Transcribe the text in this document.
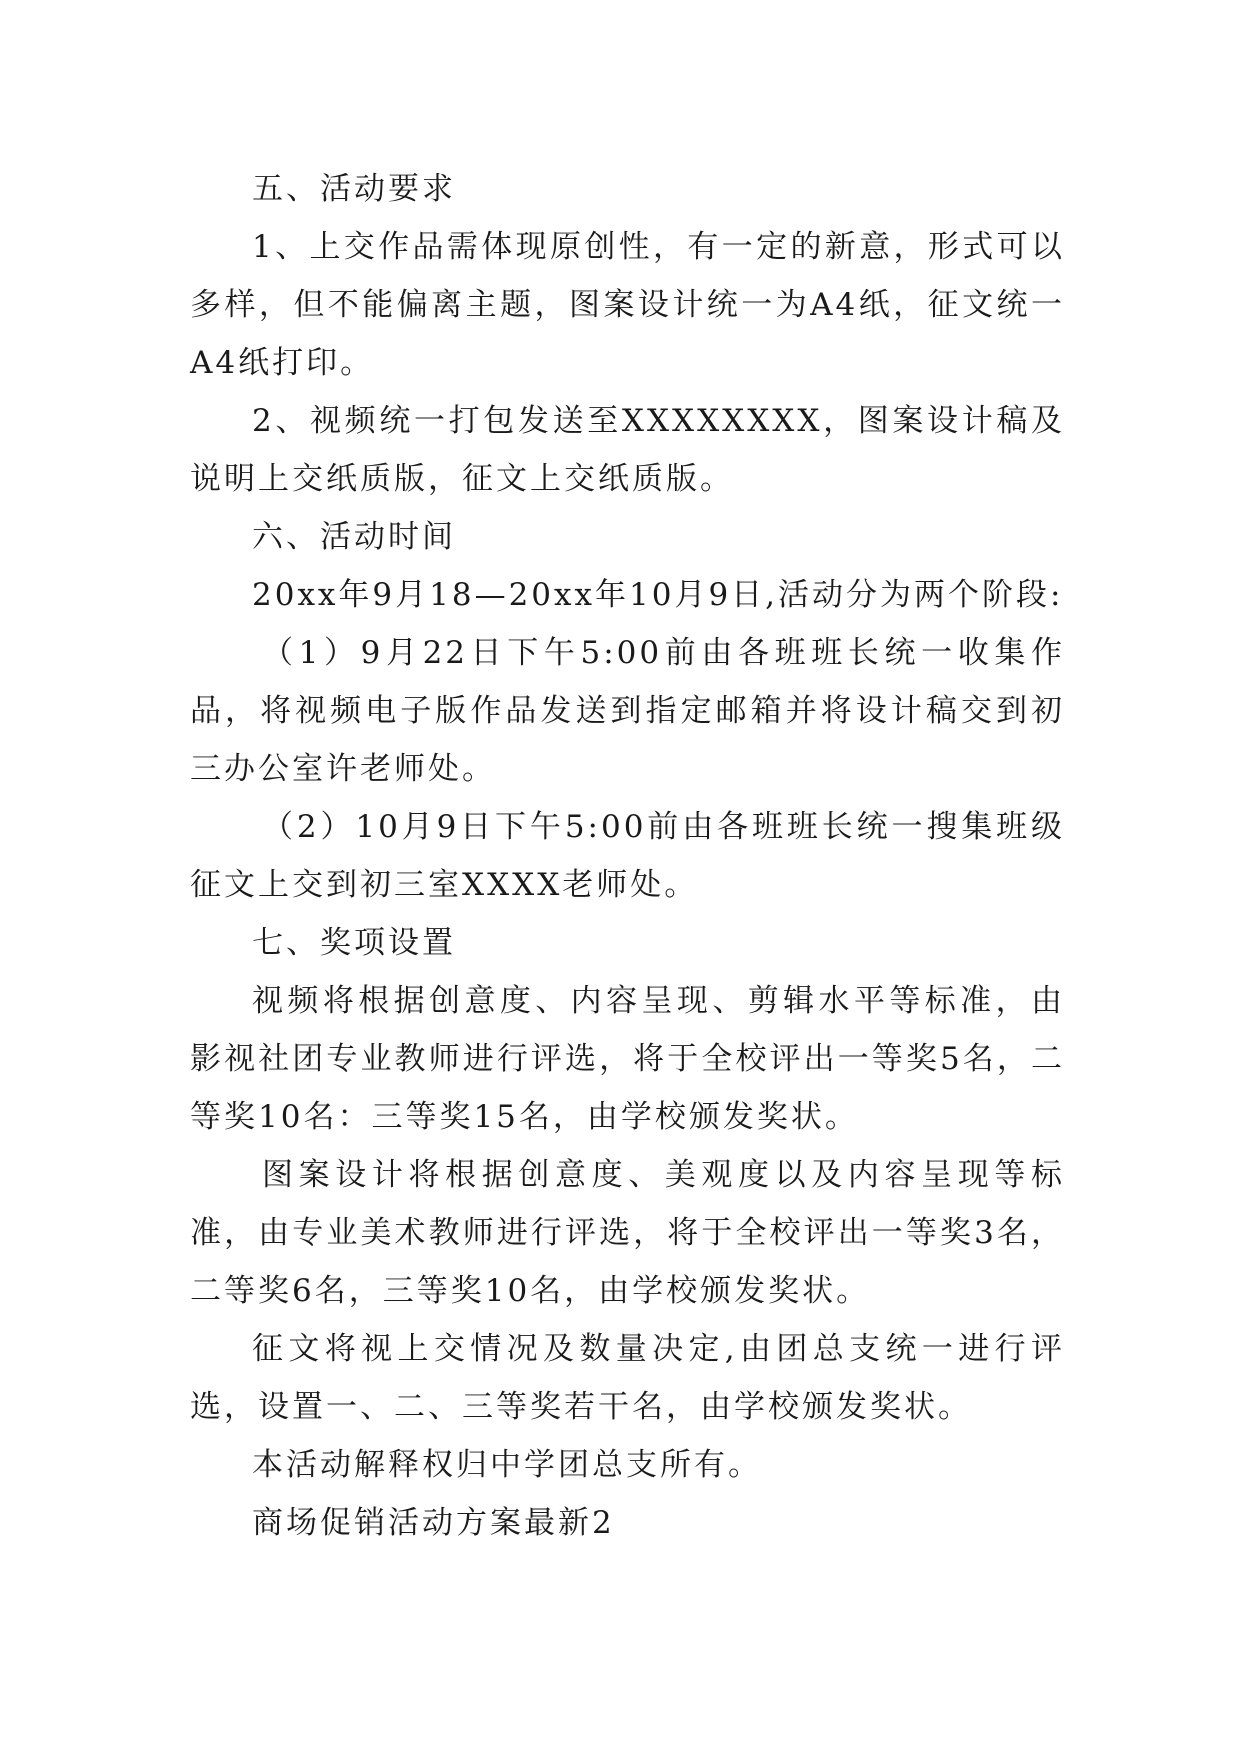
五、活动要求

1、上交作品需体现原创性，有一定的新意，形式可以多样，但不能偏离主题，图案设计统一为A4纸，征文统一A4纸打印。

2、视频统一打包发送至XXXXXXXX，图案设计稿及说明上交纸质版，征文上交纸质版。

六、活动时间

20xx年9月18—20xx年10月9日,活动分为两个阶段:

（1）9月22日下午5:00前由各班班长统一收集作品，将视频电子版作品发送到指定邮箱并将设计稿交到初三办公室许老师处。

（2）10月9日下午5:00前由各班班长统一搜集班级征文上交到初三室XXXX老师处。

七、奖项设置

视频将根据创意度、内容呈现、剪辑水平等标准，由影视社团专业教师进行评选，将于全校评出一等奖5名，二等奖10名：三等奖15名，由学校颁发奖状。

图案设计将根据创意度、美观度以及内容呈现等标准，由专业美术教师进行评选，将于全校评出一等奖3名，二等奖6名，三等奖10名，由学校颁发奖状。

征文将视上交情况及数量决定,由团总支统一进行评选，设置一、二、三等奖若干名，由学校颁发奖状。

本活动解释权归中学团总支所有。

商场促销活动方案最新2
